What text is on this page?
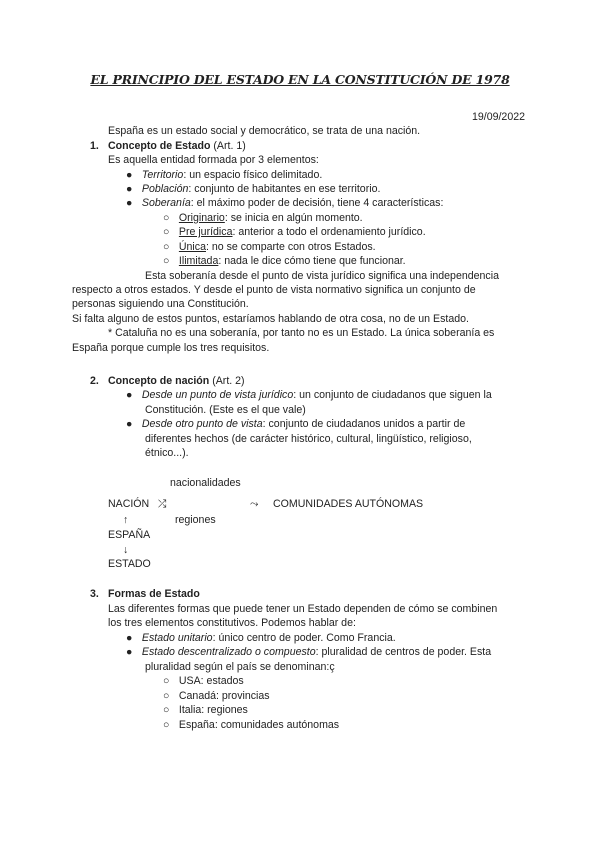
EL PRINCIPIO DEL ESTADO EN LA CONSTITUCIÓN DE 1978
19/09/2022
España es un estado social y democrático, se trata de una nación.
1. Concepto de Estado (Art. 1)
Es aquella entidad formada por 3 elementos:
● Territorio: un espacio físico delimitado.
● Población: conjunto de habitantes en ese territorio.
● Soberanía: el máximo poder de decisión, tiene 4 características:
○ Originario: se inicia en algún momento.
○ Pre jurídica: anterior a todo el ordenamiento jurídico.
○ Única: no se comparte con otros Estados.
○ Ilimitada: nada le dice cómo tiene que funcionar.
Esta soberanía desde el punto de vista jurídico significa una independencia
respecto a otros estados. Y desde el punto de vista normativo significa un conjunto de
personas siguiendo una Constitución.
Si falta alguno de estos puntos, estaríamos hablando de otra cosa, no de un Estado.
* Cataluña no es una soberanía, por tanto no es un Estado. La única soberanía es
España porque cumple los tres requisitos.
2. Concepto de nación (Art. 2)
● Desde un punto de vista jurídico: un conjunto de ciudadanos que siguen la
Constitución. (Este es el que vale)
● Desde otro punto de vista: conjunto de ciudadanos unidos a partir de
diferentes hechos (de carácter histórico, cultural, lingüístico, religioso,
étnico...).
nacionalidades
NACIÓN ⤮	⤳ COMUNIDADES AUTÓNOMAS
↑	regiones
ESPAÑA
↓
ESTADO
3. Formas de Estado
Las diferentes formas que puede tener un Estado dependen de cómo se combinen
los tres elementos constitutivos. Podemos hablar de:
● Estado unitario: único centro de poder. Como Francia.
● Estado descentralizado o compuesto: pluralidad de centros de poder. Esta
pluralidad según el país se denominan:ç
○ USA: estados
○ Canadá: provincias
○ Italia: regiones
○ España: comunidades autónomas
